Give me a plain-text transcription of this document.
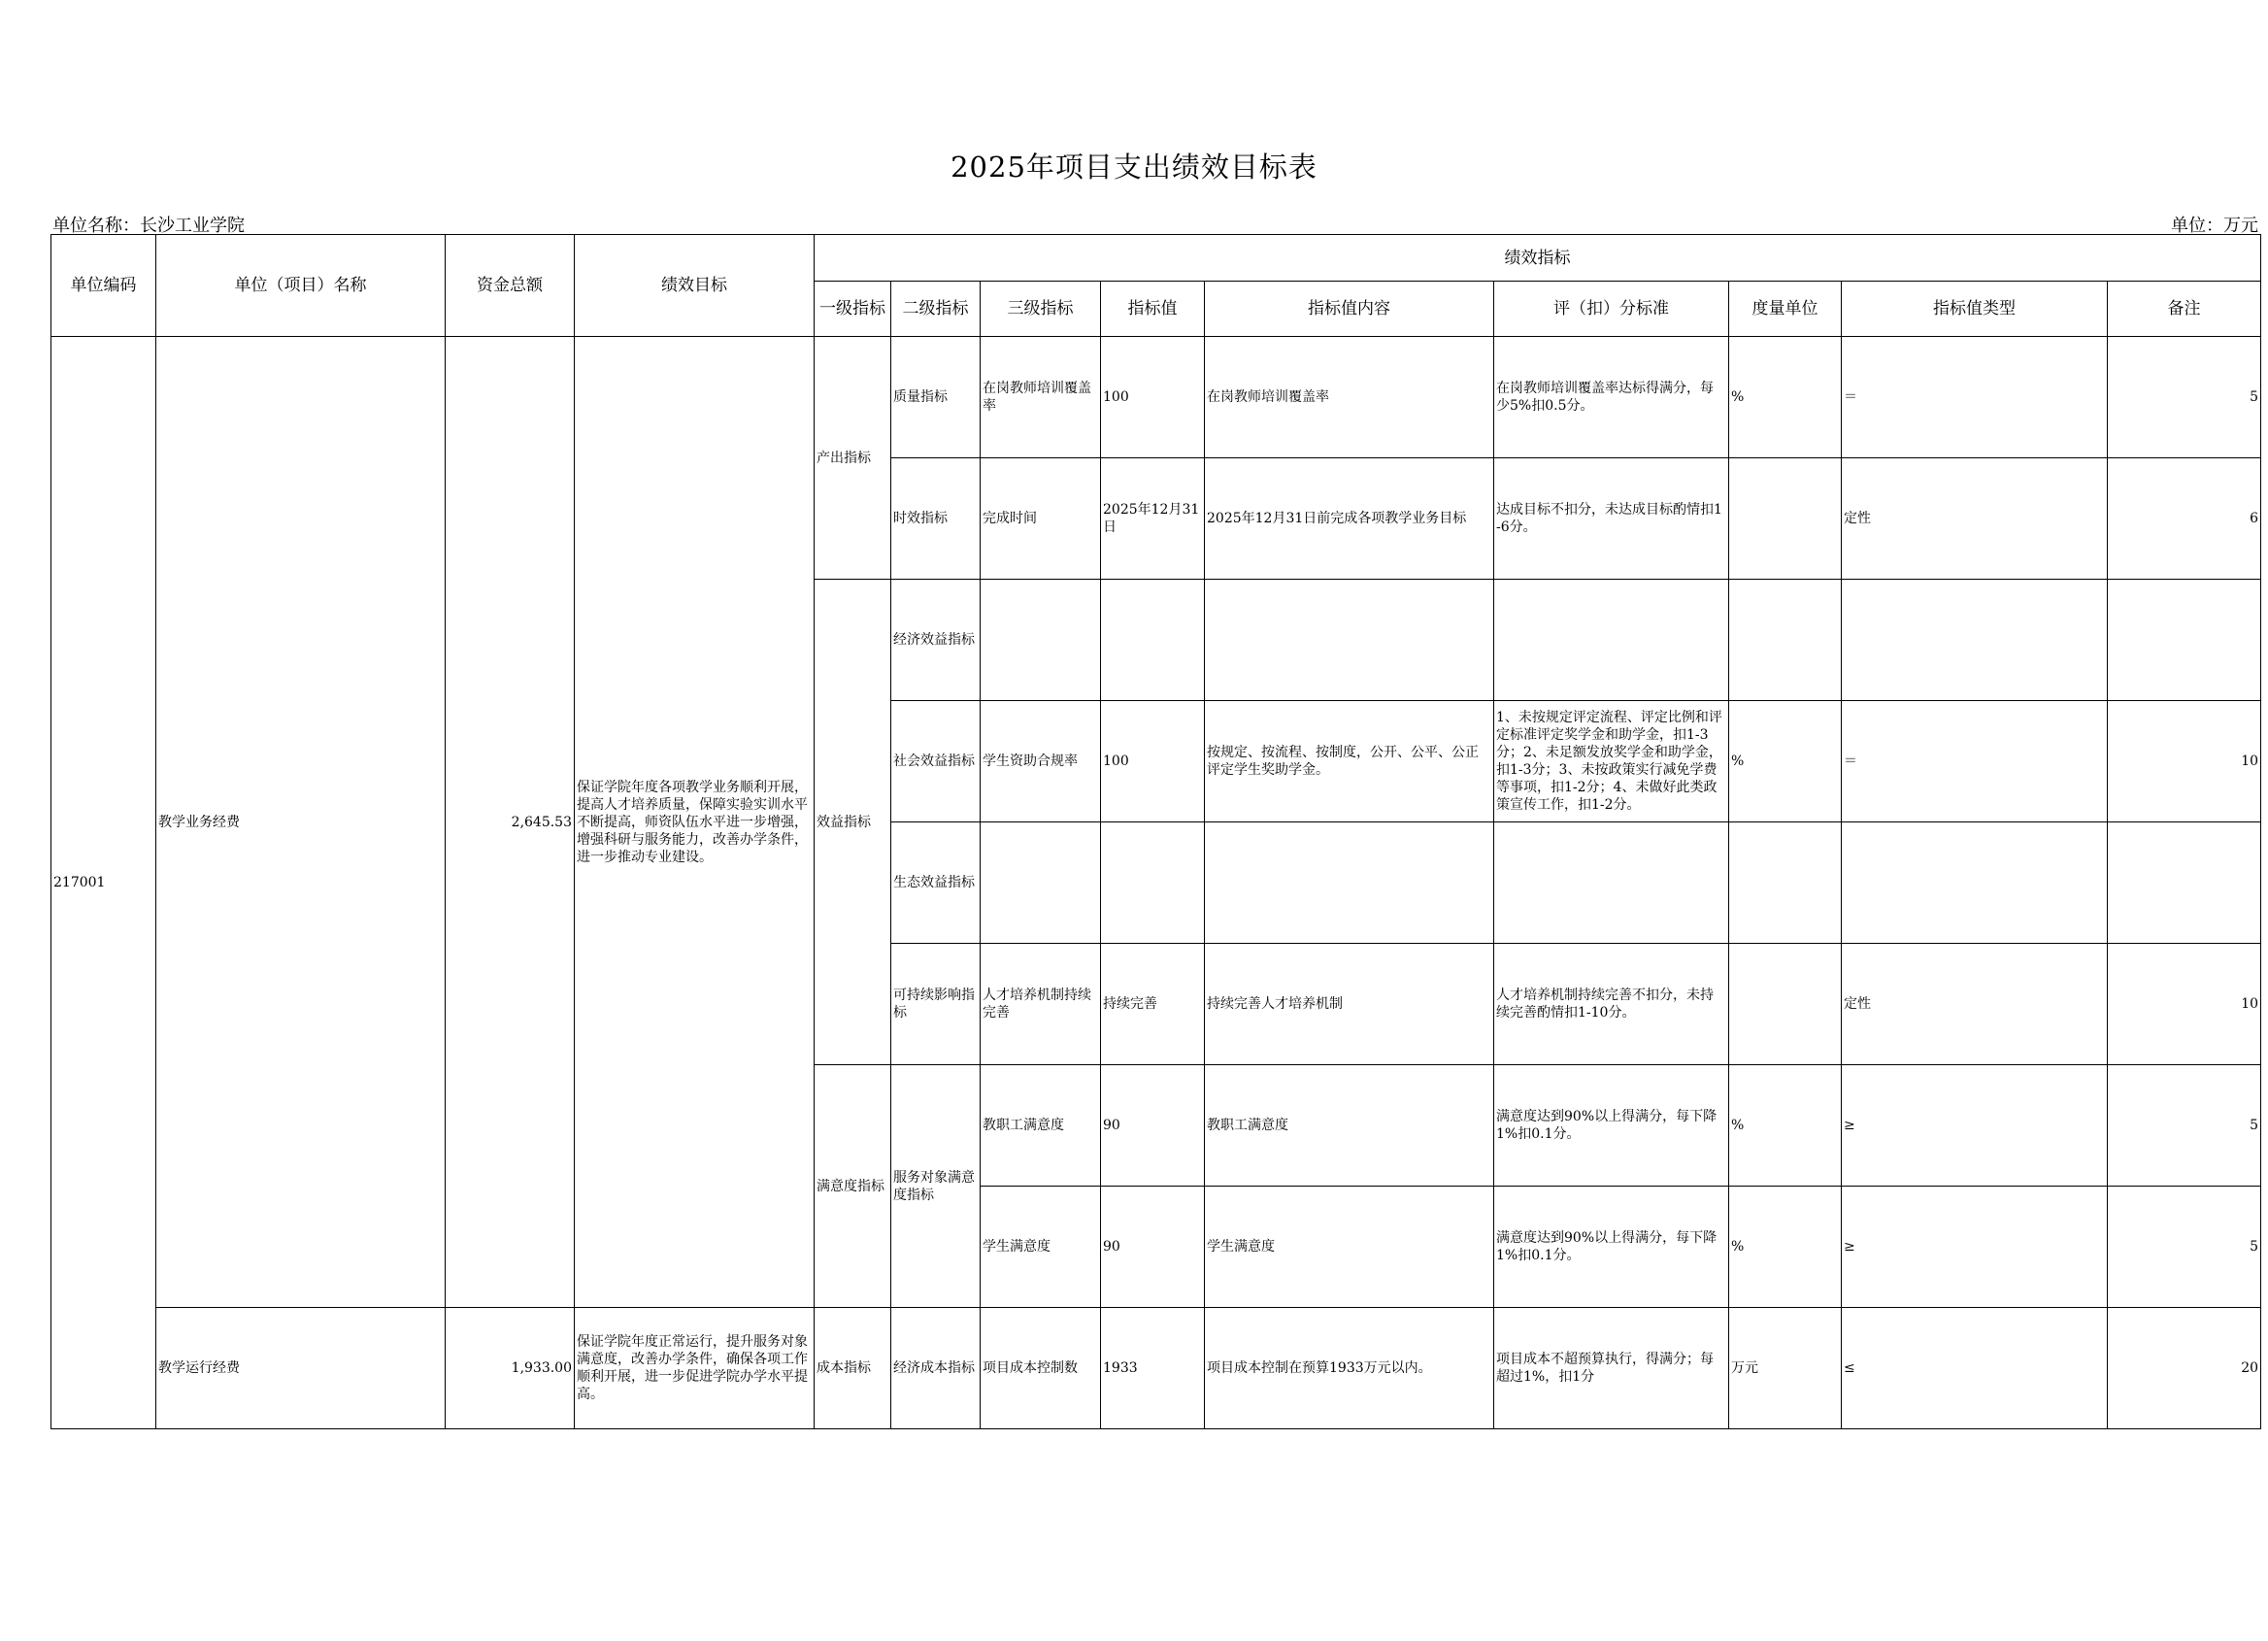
2025年项目支出绩效目标表
单位名称：长沙工业学院	单位：万元
单位编码	单位（项目）名称	资金总额	绩效目标	绩效指标								
				一级指标	二级指标	三级指标	指标值	指标值内容	评（扣）分标准	度量单位	指标值类型	备注
217001	教学业务经费	2,645.53	保证学院年度各项教学业务顺利开展，提高人才培养质量，保障实验实训水平不断提高，师资队伍水平进一步增强，增强科研与服务能力，改善办学条件，进一步推动专业建设。	产出指标	质量指标	在岗教师培训覆盖率	100	在岗教师培训覆盖率	在岗教师培训覆盖率达标得满分，每少5%扣0.5分。	%	＝	5
					时效指标	完成时间	2025年12月31日	2025年12月31日前完成各项教学业务目标	达成目标不扣分，未达成目标酌情扣1-6分。		定性	6
				效益指标	经济效益指标							
					社会效益指标	学生资助合规率	100	按规定、按流程、按制度，公开、公平、公正评定学生奖助学金。	1、未按规定评定流程、评定比例和评定标准评定奖学金和助学金，扣1-3分；2、未足额发放奖学金和助学金，扣1-3分；3、未按政策实行减免学费等事项，扣1-2分；4、未做好此类政策宣传工作，扣1-2分。	%	＝	10
					生态效益指标							
					可持续影响指标	人才培养机制持续完善	持续完善	持续完善人才培养机制	人才培养机制持续完善不扣分，未持续完善酌情扣1-10分。		定性	10
				满意度指标	服务对象满意度指标	教职工满意度	90	教职工满意度	满意度达到90%以上得满分，每下降1%扣0.1分。	%	≥	5
						学生满意度	90	学生满意度	满意度达到90%以上得满分，每下降1%扣0.1分。	%	≥	5
	教学运行经费	1,933.00	保证学院年度正常运行，提升服务对象满意度，改善办学条件，确保各项工作顺利开展，进一步促进学院办学水平提高。	成本指标	经济成本指标	项目成本控制数	1933	项目成本控制在预算1933万元以内。	项目成本不超预算执行，得满分；每超过1%，扣1分	万元	≤	20
